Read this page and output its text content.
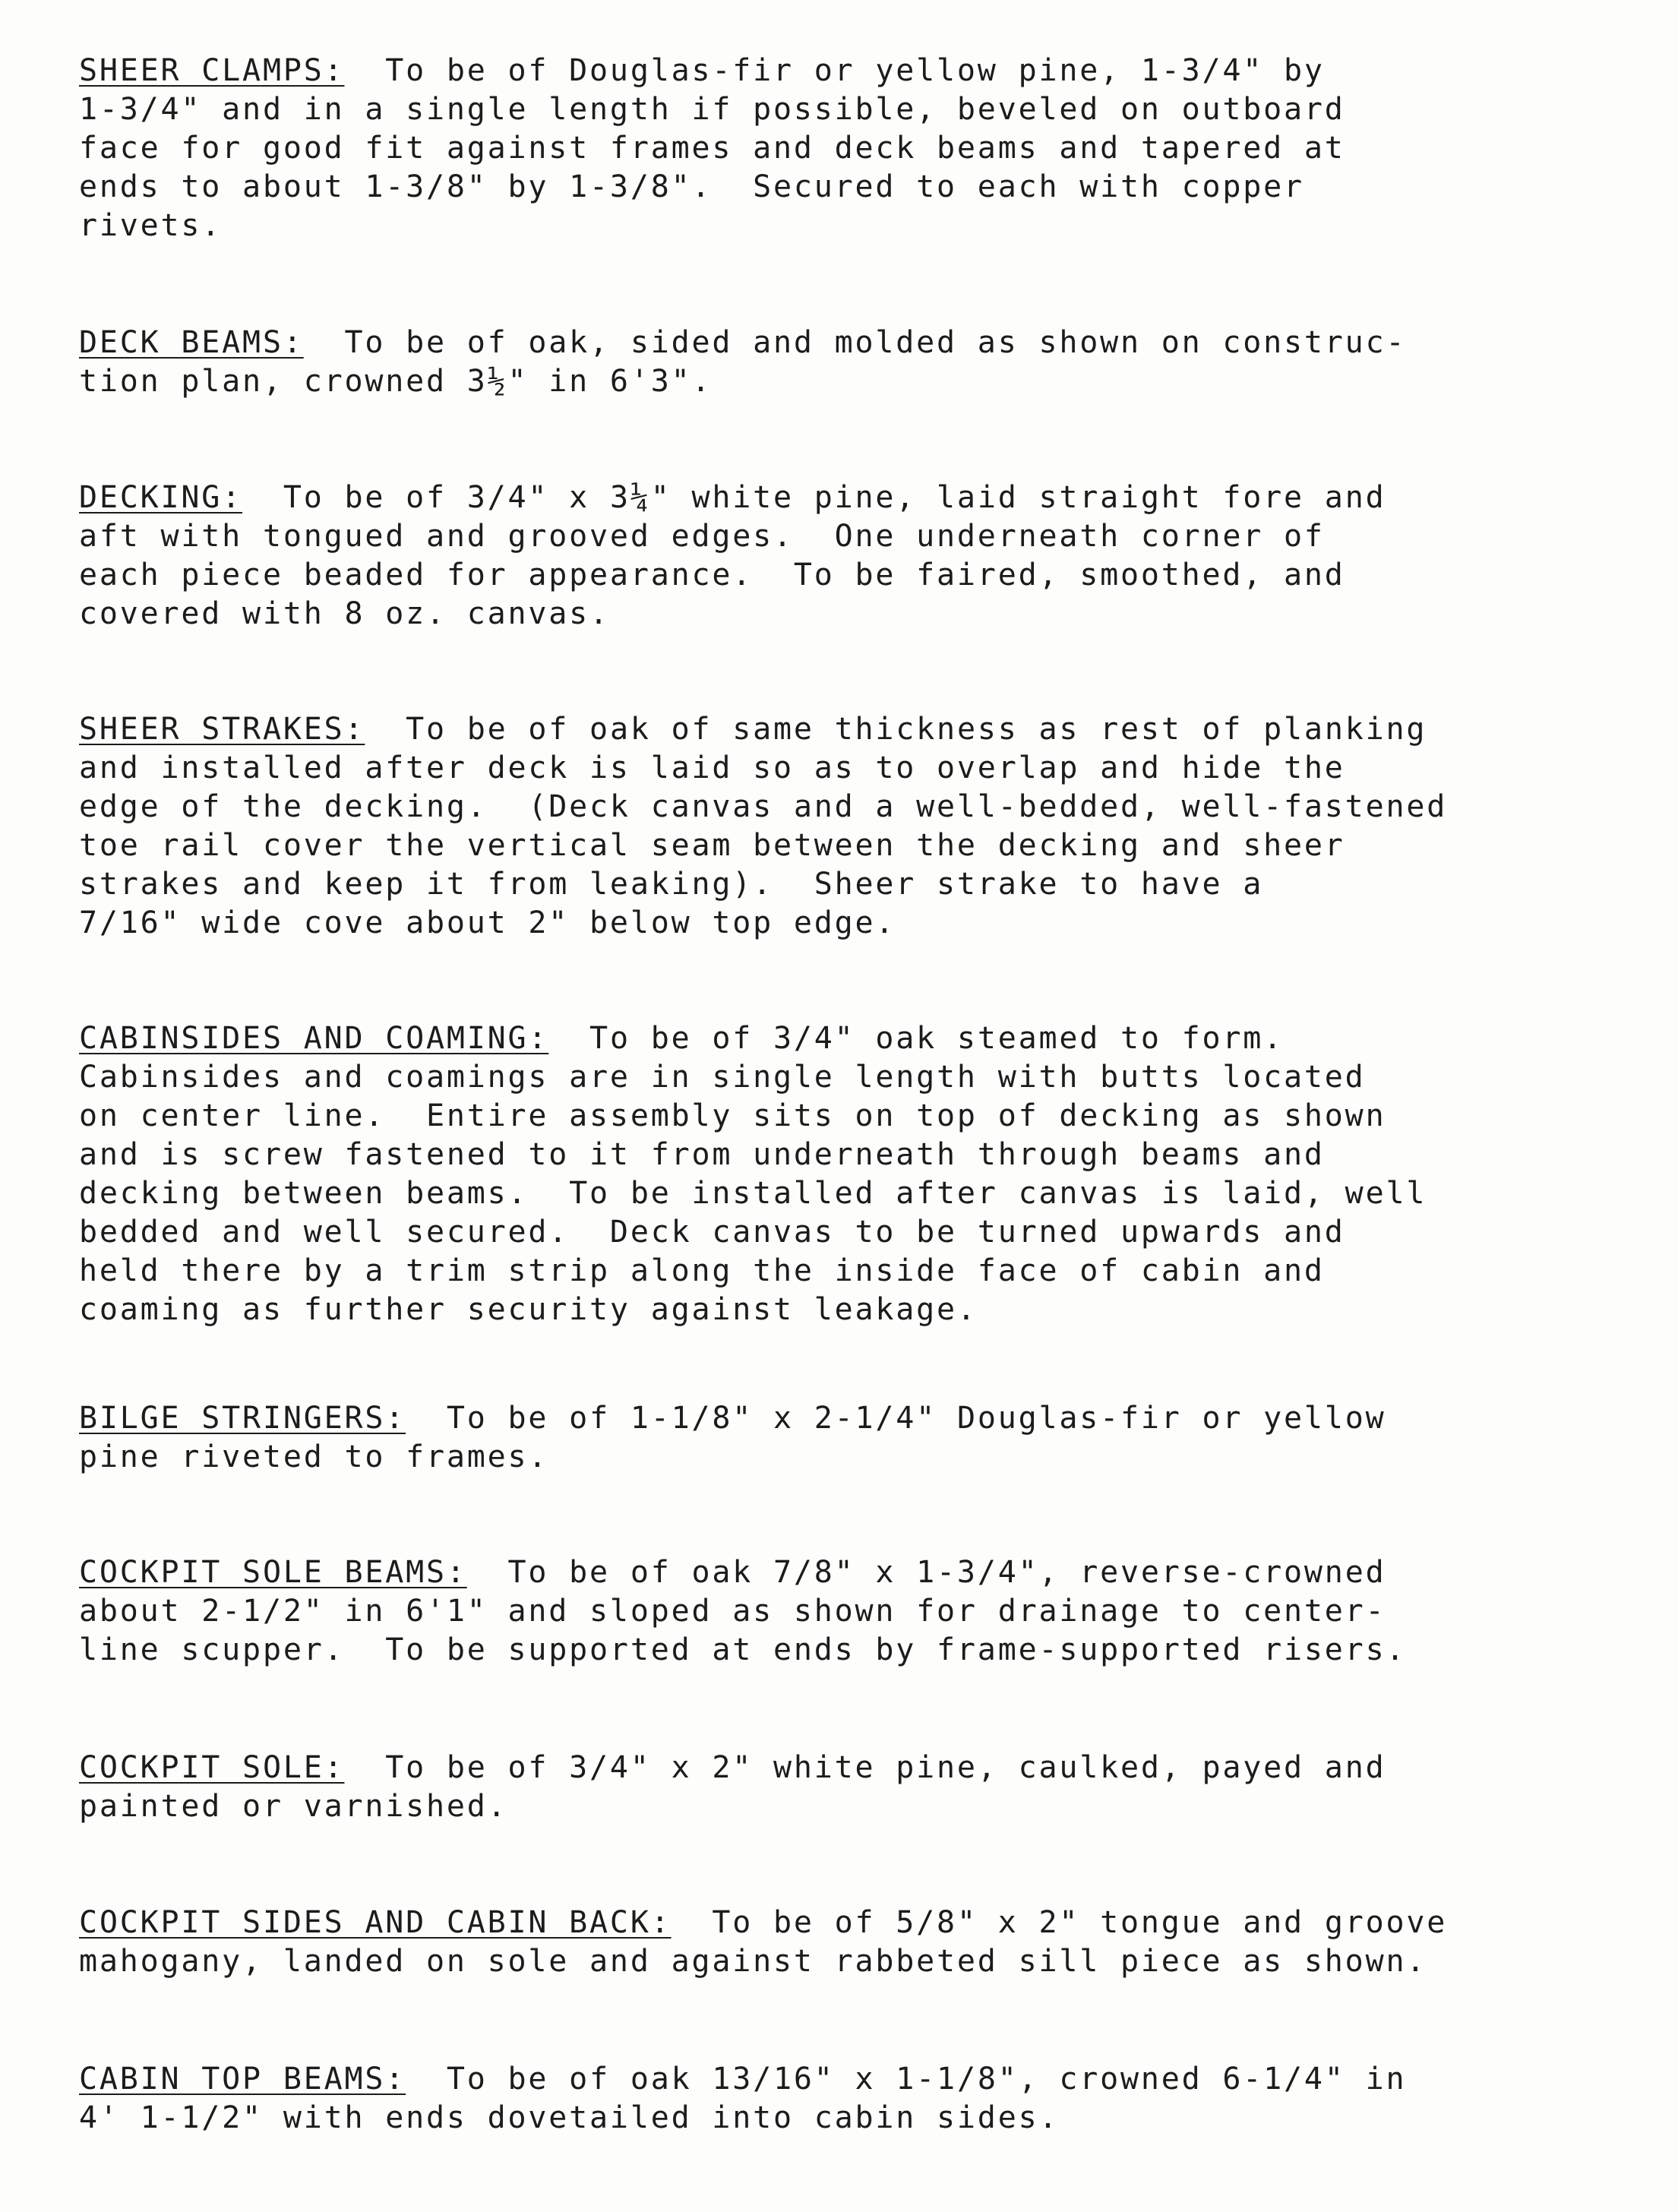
SHEER CLAMPS:  To be of Douglas-fir or yellow pine, 1-3/4" by
1-3/4" and in a single length if possible, beveled on outboard
face for good fit against frames and deck beams and tapered at
ends to about 1-3/8" by 1-3/8".  Secured to each with copper
rivets.

DECK BEAMS:  To be of oak, sided and molded as shown on construc-
tion plan, crowned 3½" in 6'3".

DECKING:  To be of 3/4" x 3¼" white pine, laid straight fore and
aft with tongued and grooved edges.  One underneath corner of
each piece beaded for appearance.  To be faired, smoothed, and
covered with 8 oz. canvas.

SHEER STRAKES:  To be of oak of same thickness as rest of planking
and installed after deck is laid so as to overlap and hide the
edge of the decking.  (Deck canvas and a well-bedded, well-fastened
toe rail cover the vertical seam between the decking and sheer
strakes and keep it from leaking).  Sheer strake to have a
7/16" wide cove about 2" below top edge.

CABINSIDES AND COAMING:  To be of 3/4" oak steamed to form.
Cabinsides and coamings are in single length with butts located
on center line.  Entire assembly sits on top of decking as shown
and is screw fastened to it from underneath through beams and
decking between beams.  To be installed after canvas is laid, well
bedded and well secured.  Deck canvas to be turned upwards and
held there by a trim strip along the inside face of cabin and
coaming as further security against leakage.

BILGE STRINGERS:  To be of 1-1/8" x 2-1/4" Douglas-fir or yellow
pine riveted to frames.

COCKPIT SOLE BEAMS:  To be of oak 7/8" x 1-3/4", reverse-crowned
about 2-1/2" in 6'1" and sloped as shown for drainage to center-
line scupper.  To be supported at ends by frame-supported risers.

COCKPIT SOLE:  To be of 3/4" x 2" white pine, caulked, payed and
painted or varnished.

COCKPIT SIDES AND CABIN BACK:  To be of 5/8" x 2" tongue and groove
mahogany, landed on sole and against rabbeted sill piece as shown.

CABIN TOP BEAMS:  To be of oak 13/16" x 1-1/8", crowned 6-1/4" in
4' 1-1/2" with ends dovetailed into cabin sides.
